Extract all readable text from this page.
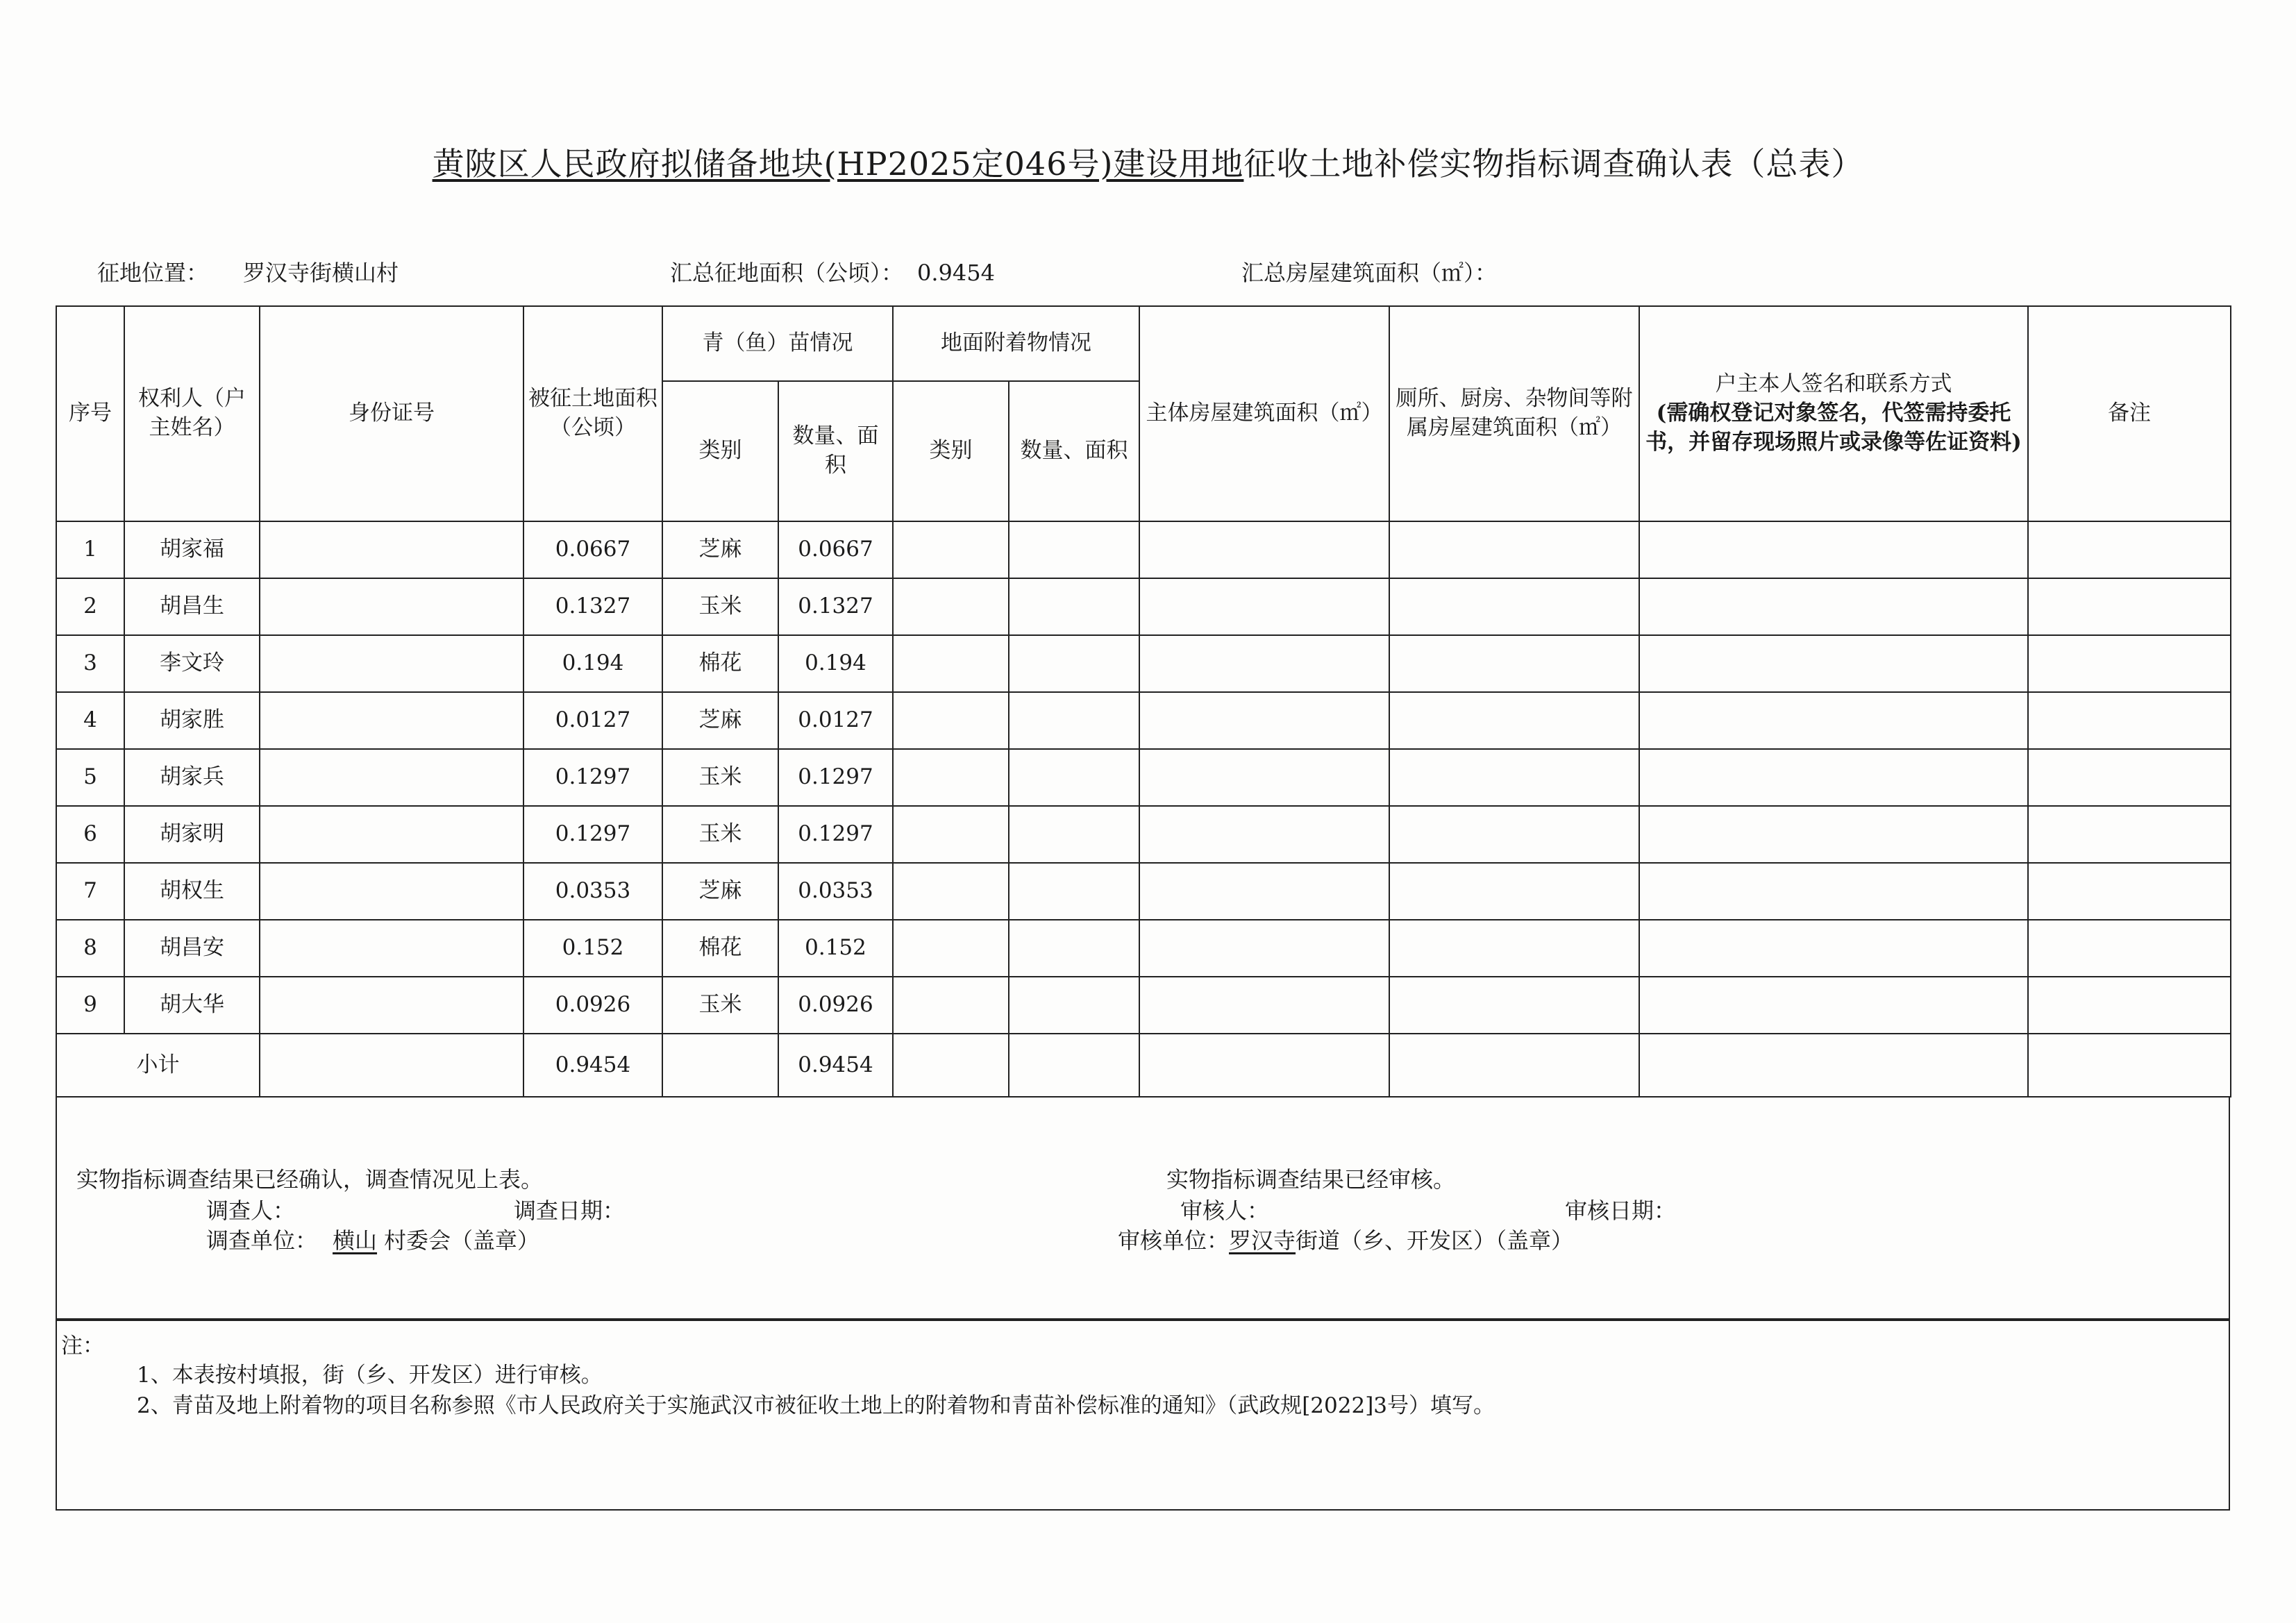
黄陂区人民政府拟储备地块(HP2025定046号)建设用地征收土地补偿实物指标调查确认表（总表）
征地位置： 罗汉寺街横山村	汇总征地面积（公顷）： 0.9454	汇总房屋建筑面积（㎡）：
序号	权利人（户主姓名）	身份证号	被征土地面积（公顷）	青（鱼）苗情况		地面附着物情况		主体房屋建筑面积（㎡）	厕所、厨房、杂物间等附属房屋建筑面积（㎡）	户主本人签名和联系方式
(需确权登记对象签名，代签需持委托书，并留存现场照片或录像等佐证资料)	备注
				类别	数量、面积	类别	数量、面积				
1	胡家福		0.0667	芝麻	0.0667						
2	胡昌生		0.1327	玉米	0.1327						
3	李文玲		0.194	棉花	0.194						
4	胡家胜		0.0127	芝麻	0.0127						
5	胡家兵		0.1297	玉米	0.1297						
6	胡家明		0.1297	玉米	0.1297						
7	胡权生		0.0353	芝麻	0.0353						
8	胡昌安		0.152	棉花	0.152						
9	胡大华		0.0926	玉米	0.0926						
小计			0.9454		0.9454						
实物指标调查结果已经确认，调查情况见上表。
调查人：	调查日期：
调查单位： 横山 村委会（盖章）
实物指标调查结果已经审核。
审核人：	审核日期：
审核单位：罗汉寺街道（乡、开发区）（盖章）
注：
1、本表按村填报，街（乡、开发区）进行审核。
2、青苗及地上附着物的项目名称参照《市人民政府关于实施武汉市被征收土地上的附着物和青苗补偿标准的通知》（武政规[2022]3号）填写。
